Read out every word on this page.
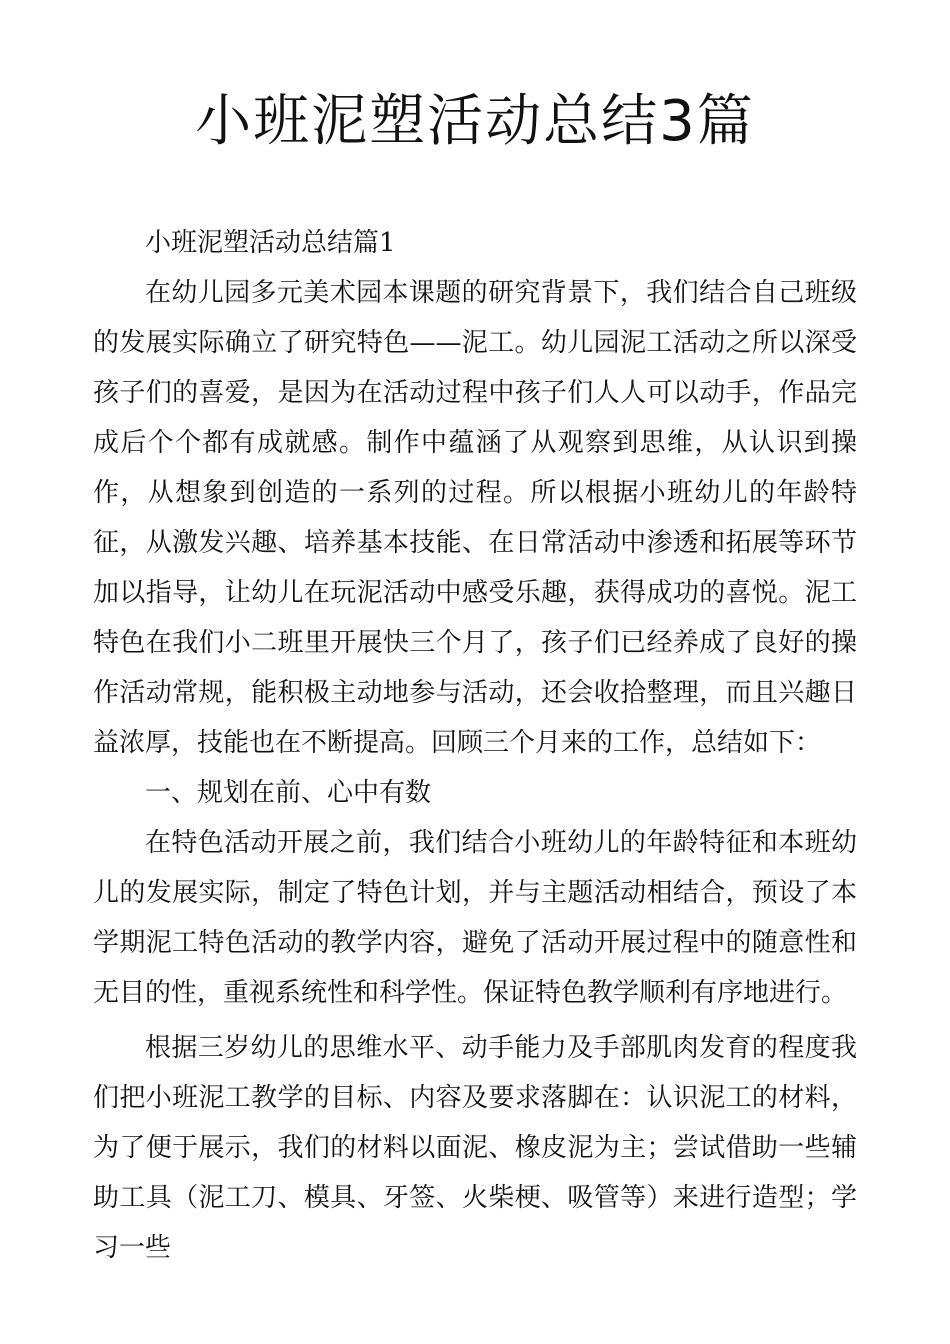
小班泥塑活动总结3篇

小班泥塑活动总结篇1

在幼儿园多元美术园本课题的研究背景下，我们结合自己班级的发展实际确立了研究特色——泥工。幼儿园泥工活动之所以深受孩子们的喜爱，是因为在活动过程中孩子们人人可以动手，作品完成后个个都有成就感。制作中蕴涵了从观察到思维，从认识到操作，从想象到创造的一系列的过程。所以根据小班幼儿的年龄特征，从激发兴趣、培养基本技能、在日常活动中渗透和拓展等环节加以指导，让幼儿在玩泥活动中感受乐趣，获得成功的喜悦。泥工特色在我们小二班里开展快三个月了，孩子们已经养成了良好的操作活动常规，能积极主动地参与活动，还会收拾整理，而且兴趣日益浓厚，技能也在不断提高。回顾三个月来的工作，总结如下：

一、规划在前、心中有数

在特色活动开展之前，我们结合小班幼儿的年龄特征和本班幼儿的发展实际，制定了特色计划，并与主题活动相结合，预设了本学期泥工特色活动的教学内容，避免了活动开展过程中的随意性和无目的性，重视系统性和科学性。保证特色教学顺利有序地进行。

根据三岁幼儿的思维水平、动手能力及手部肌肉发育的程度我们把小班泥工教学的目标、内容及要求落脚在：认识泥工的材料，为了便于展示，我们的材料以面泥、橡皮泥为主；尝试借助一些辅助工具（泥工刀、模具、牙签、火柴梗、吸管等）来进行造型；学习一些
